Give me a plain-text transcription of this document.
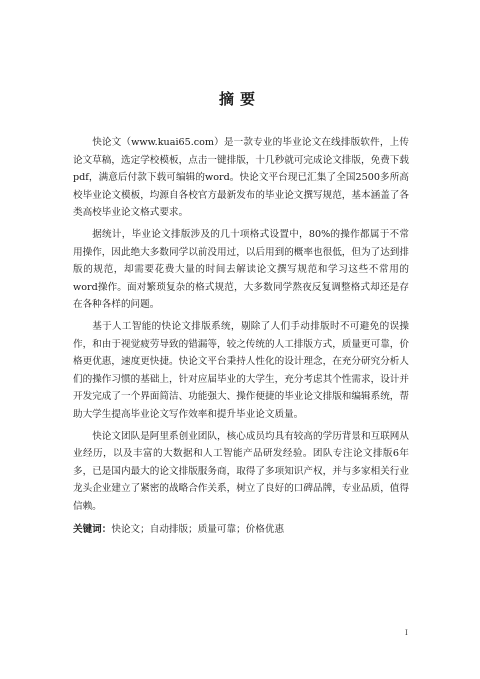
摘要

快论文（www.kuai65.com）是一款专业的毕业论文在线排版软件，上传论文草稿，选定学校模板，点击一键排版，十几秒就可完成论文排版，免费下载pdf，满意后付款下载可编辑的word。快论文平台现已汇集了全国2500多所高校毕业论文模板，均源自各校官方最新发布的毕业论文撰写规范，基本涵盖了各类高校毕业论文格式要求。

据统计，毕业论文排版涉及的几十项格式设置中，80%的操作都属于不常用操作，因此绝大多数同学以前没用过，以后用到的概率也很低，但为了达到排版的规范，却需要花费大量的时间去解读论文撰写规范和学习这些不常用的word操作。面对繁琐复杂的格式规范，大多数同学熬夜反复调整格式却还是存在各种各样的问题。

基于人工智能的快论文排版系统，剔除了人们手动排版时不可避免的误操作，和由于视觉疲劳导致的错漏等，较之传统的人工排版方式，质量更可靠，价格更优惠，速度更快捷。快论文平台秉持人性化的设计理念，在充分研究分析人们的操作习惯的基础上，针对应届毕业的大学生，充分考虑其个性需求，设计并开发完成了一个界面简洁、功能强大、操作便捷的毕业论文排版和编辑系统，帮助大学生提高毕业论文写作效率和提升毕业论文质量。

快论文团队是阿里系创业团队，核心成员均具有较高的学历背景和互联网从业经历，以及丰富的大数据和人工智能产品研发经验。团队专注论文排版6年多，已是国内最大的论文排版服务商，取得了多项知识产权，并与多家相关行业龙头企业建立了紧密的战略合作关系，树立了良好的口碑品牌，专业品质，值得信赖。

关键词：快论文；自动排版；质量可靠；价格优惠

I
